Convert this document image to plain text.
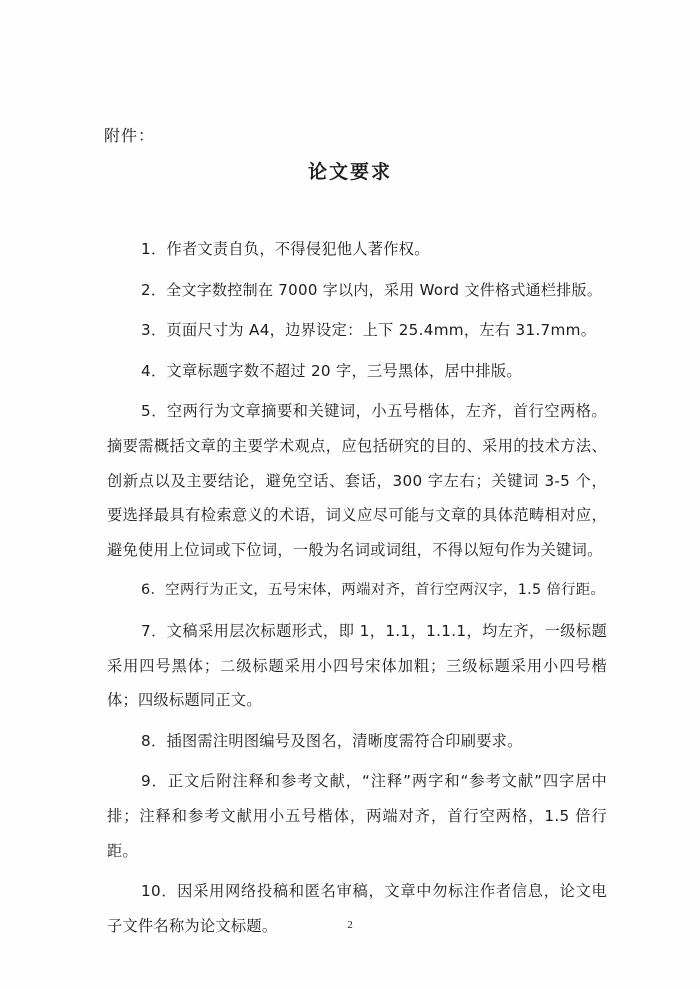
附件：
论文要求
1．作者文责自负，不得侵犯他人著作权。
2．全文字数控制在 7000 字以内，采用 Word 文件格式通栏排版。
3．页面尺寸为 A4，边界设定：上下 25.4mm，左右 31.7mm。
4．文章标题字数不超过 20 字，三号黑体，居中排版。
5．空两行为文章摘要和关键词，小五号楷体，左齐，首行空两格。摘要需概括文章的主要学术观点，应包括研究的目的、采用的技术方法、创新点以及主要结论，避免空话、套话，300 字左右；关键词 3-5 个，要选择最具有检索意义的术语，词义应尽可能与文章的具体范畴相对应，避免使用上位词或下位词，一般为名词或词组，不得以短句作为关键词。
6．空两行为正文，五号宋体，两端对齐，首行空两汉字，1.5 倍行距。
7．文稿采用层次标题形式，即 1，1.1，1.1.1，均左齐，一级标题采用四号黑体；二级标题采用小四号宋体加粗；三级标题采用小四号楷体；四级标题同正文。
8．插图需注明图编号及图名，清晰度需符合印刷要求。
9．正文后附注释和参考文献，“注释”两字和“参考文献”四字居中排；注释和参考文献用小五号楷体，两端对齐，首行空两格，1.5 倍行距。
10．因采用网络投稿和匿名审稿，文章中勿标注作者信息，论文电子文件名称为论文标题。	2
